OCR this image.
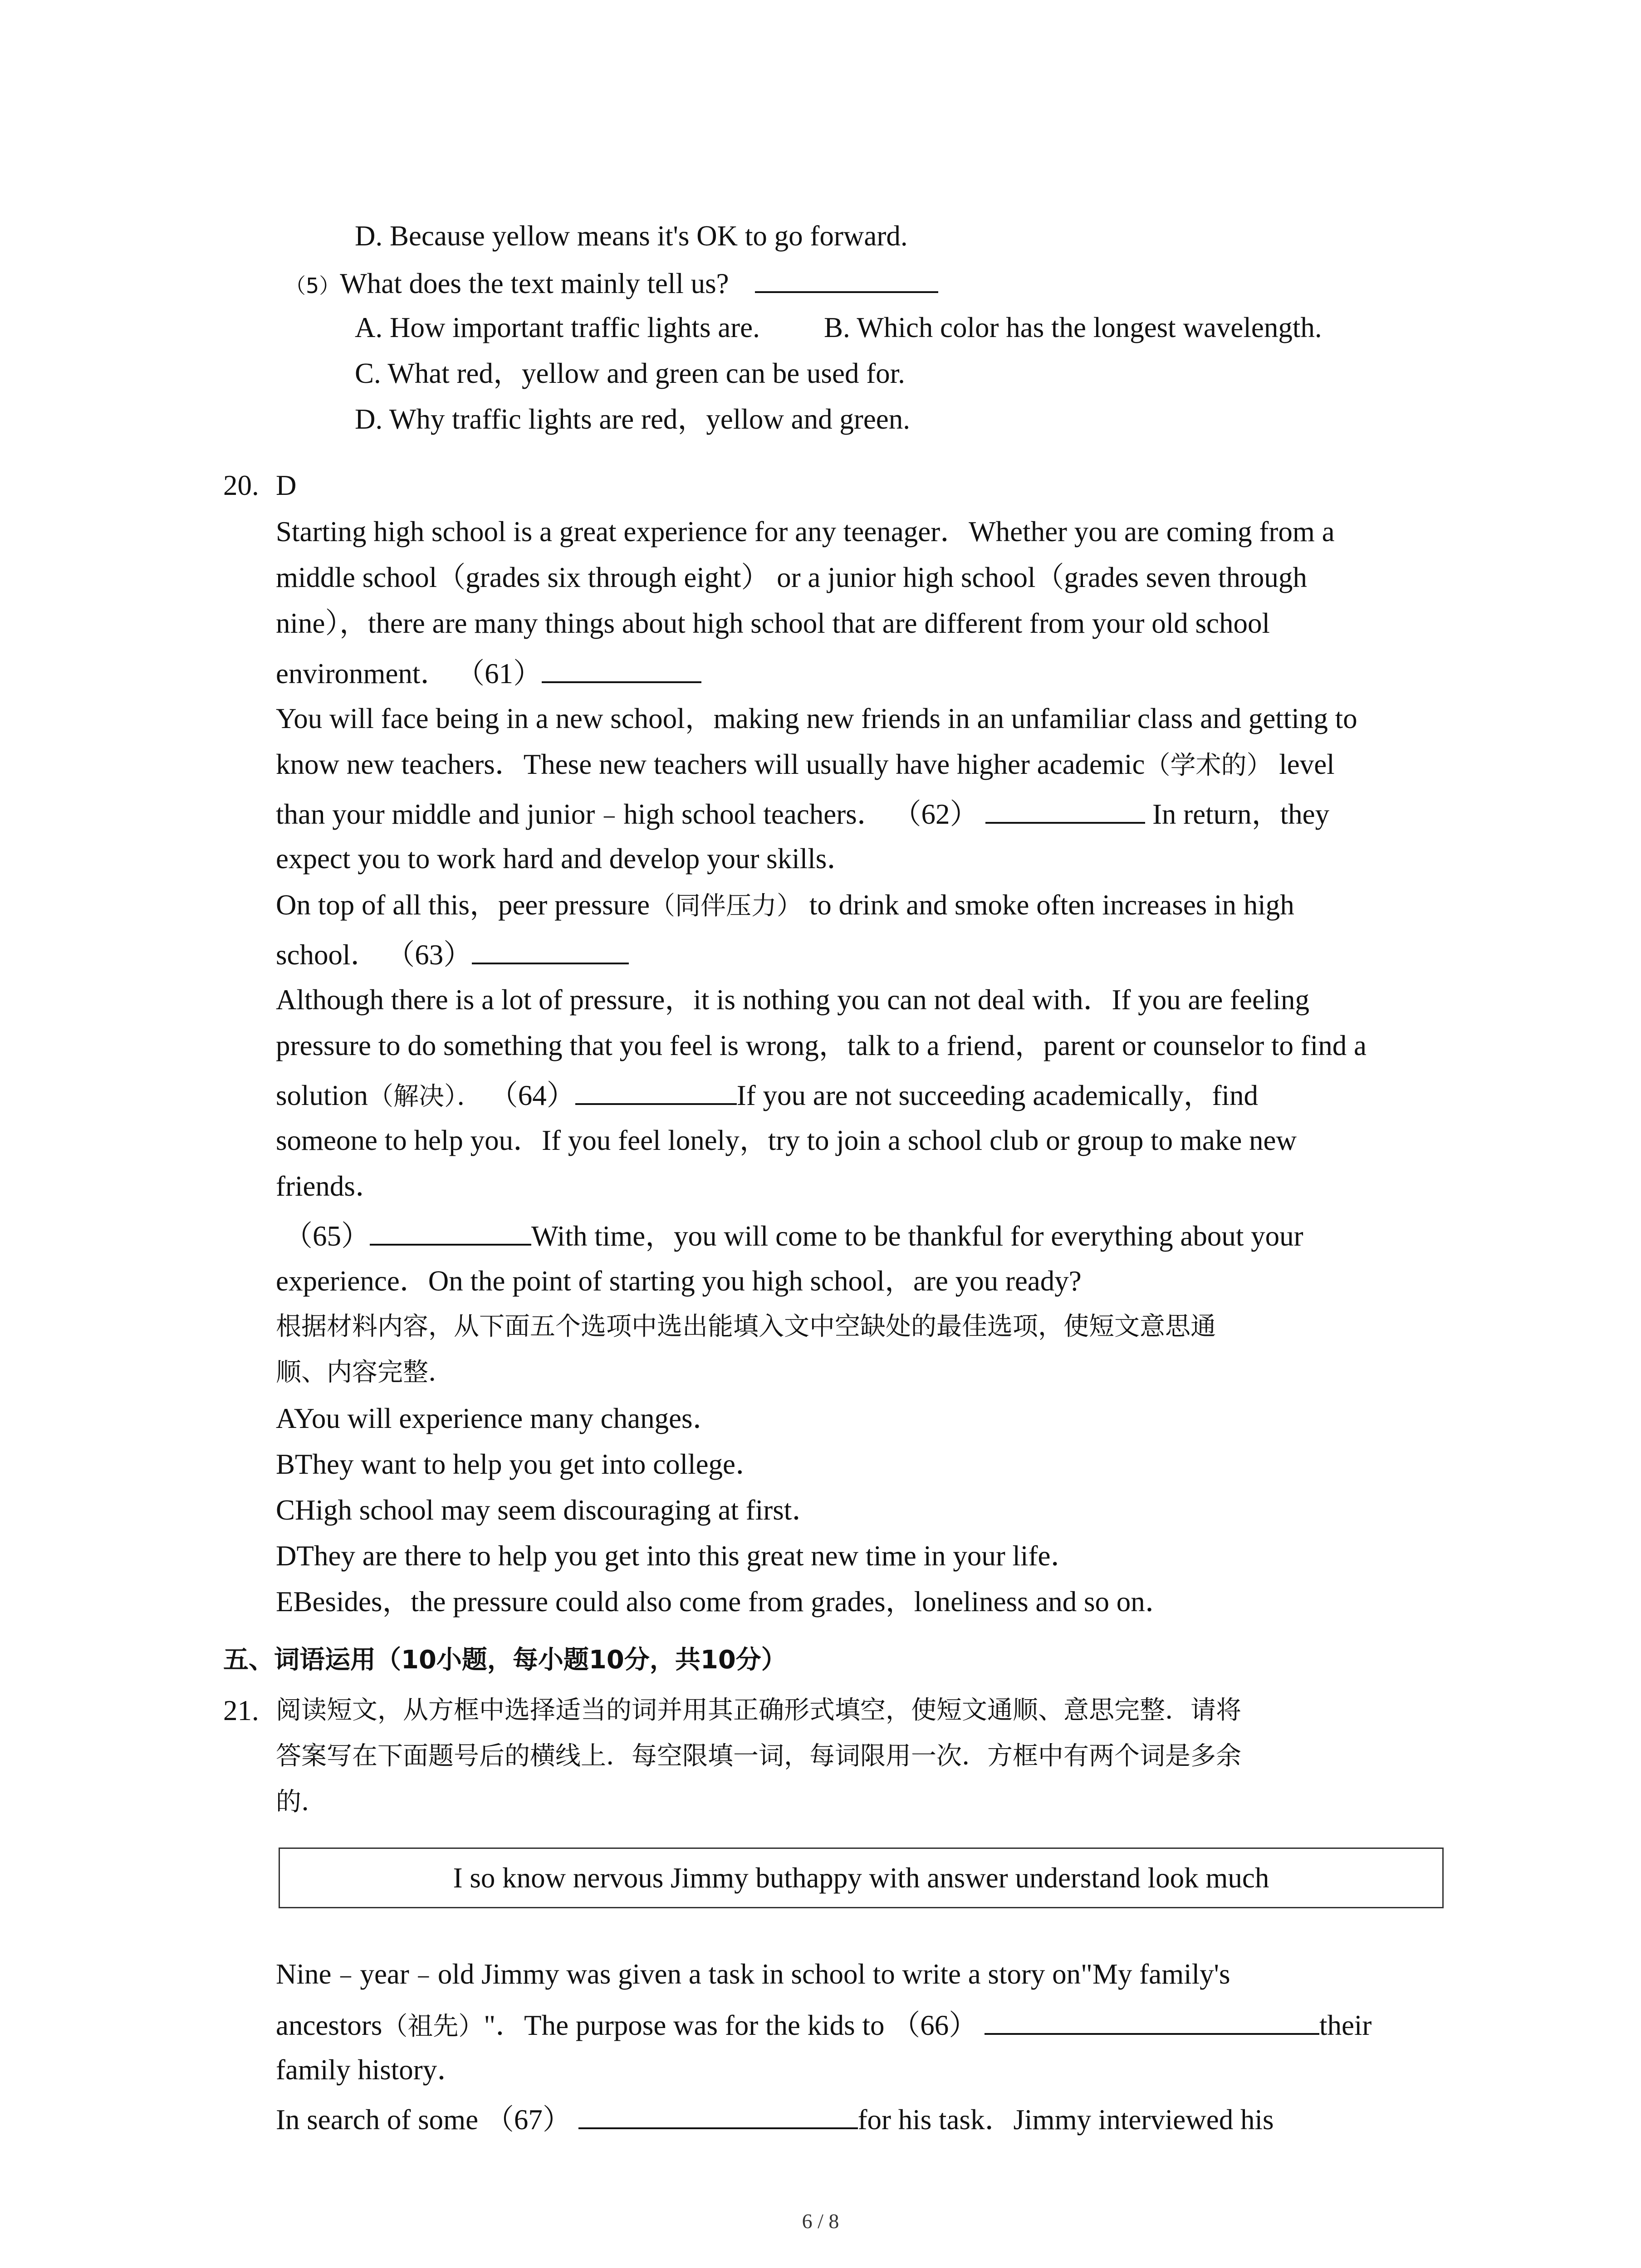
D. Because yellow means it's OK to go forward.
（5）What does the text mainly tell us?
A. How important traffic lights are. B. Which color has the longest wavelength.
C. What red，yellow and green can be used for.
D. Why traffic lights are red，yellow and green.
20. D
Starting high school is a great experience for any teenager．Whether you are coming from a
middle school（grades six through eight） or a junior high school（grades seven through
nine），there are many things about high school that are different from your old school
environment． （61）
You will face being in a new school，making new friends in an unfamiliar class and getting to
know new teachers．These new teachers will usually have higher academic（学术的） level
than your middle and junior﹣high school teachers． （62）	In return，they
expect you to work hard and develop your skills．
On top of all this，peer pressure（同伴压力） to drink and smoke often increases in high
school． （63）
Although there is a lot of pressure，it is nothing you can not deal with．If you are feeling
pressure to do something that you feel is wrong，talk to a friend，parent or counselor to find a
solution（解决）． （64）	If you are not succeeding academically，find
someone to help you．If you feel lonely，try to join a school club or group to make new
friends．
（65）	With time，you will come to be thankful for everything about your
experience．On the point of starting you high school，are you ready?
根据材料内容，从下面五个选项中选出能填入文中空缺处的最佳选项，使短文意思通
顺、内容完整．
AYou will experience many changes．
BThey want to help you get into college．
CHigh school may seem discouraging at first．
DThey are there to help you get into this great new time in your life．
EBesides，the pressure could also come from grades，loneliness and so on．
五、词语运用（10小题，每小题10分，共10分）
21. 阅读短文，从方框中选择适当的词并用其正确形式填空，使短文通顺、意思完整．请将
答案写在下面题号后的横线上．每空限填一词，每词限用一次．方框中有两个词是多余
的．
I so know nervous Jimmy buthappy with answer understand look much
Nine﹣year﹣old Jimmy was given a task in school to write a story on"My family's
ancestors（祖先）"．The purpose was for the kids to （66）	their
family history．
In search of some （67）	for his task．Jimmy interviewed his
6 / 8
